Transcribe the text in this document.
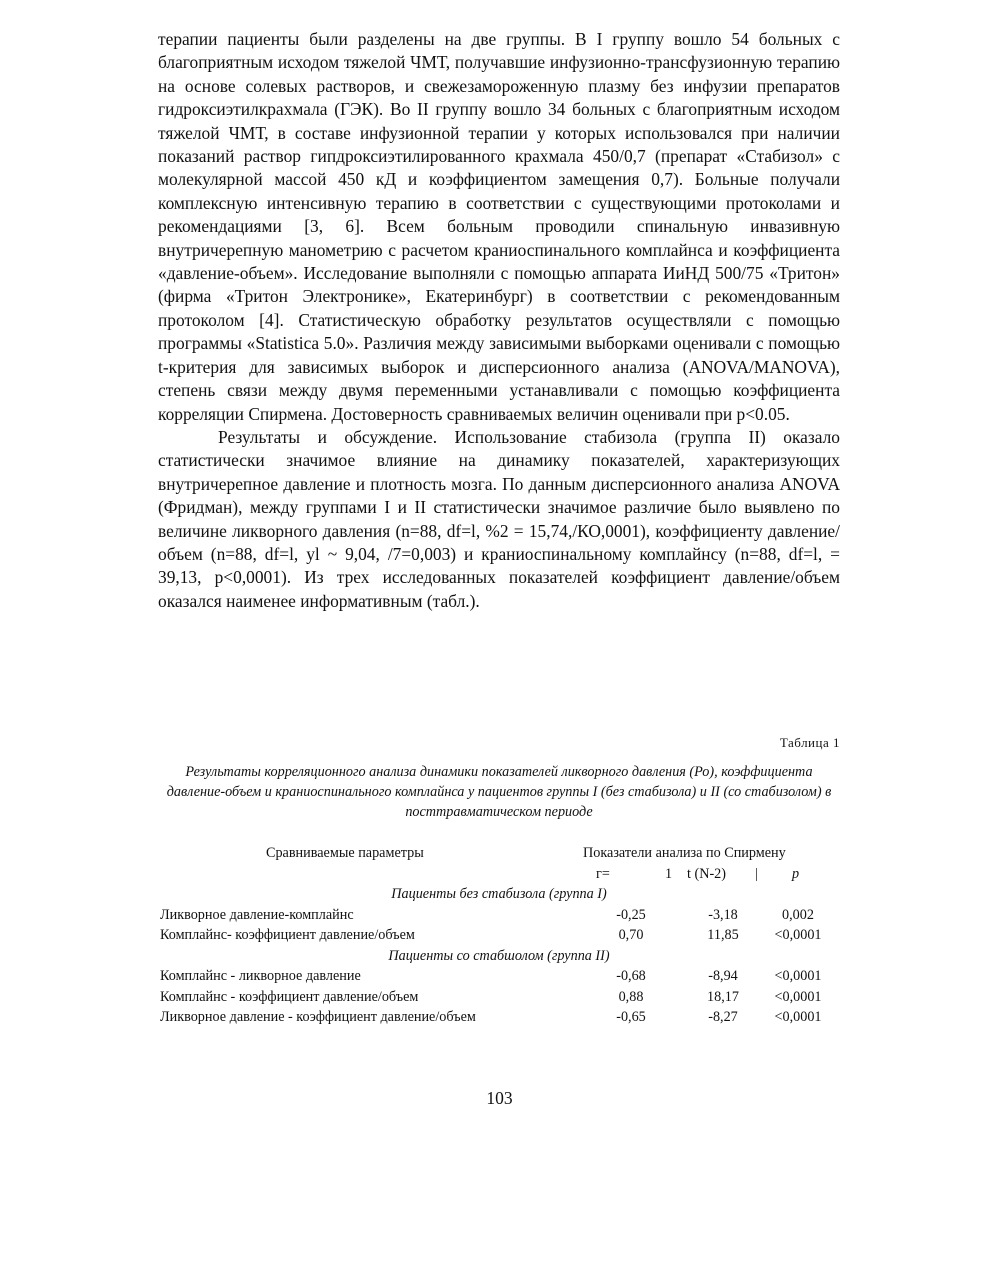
терапии пациенты были разделены на две группы. В I группу вошло 54 больных с благоприятным исходом тяжелой ЧМТ, получавшие инфузионно-трансфузионную терапию на основе солевых растворов, и свежезамороженную плазму без инфузии препаратов гидроксиэтилкрахмала (ГЭК). Во II группу вошло 34 больных с благоприятным исходом тяжелой ЧМТ, в составе инфузионной терапии у которых использовался при наличии показаний раствор гипдроксиэтилированного крахмала 450/0,7 (препарат «Стабизол» с молекулярной массой 450 кД и коэффициентом замещения 0,7). Больные получали комплексную интенсивную терапию в соответствии с существующими протоколами и рекомендациями [3, 6]. Всем больным проводили спинальную инвазивную внутричерепную манометрию с расчетом краниоспинального комплайнса и коэффициента «давление-объем». Исследование выполняли с помощью аппарата ИиНД 500/75 «Тритон» (фирма «Тритон Электронике», Екатеринбург) в соответствии с рекомендованным протоколом [4]. Статистическую обработку результатов осуществляли с помощью программы «Statistica 5.0». Различия между зависимыми выборками оценивали с помощью t-критерия для зависимых выборок и дисперсионного анализа (ANOVA/MANOVA), степень связи между двумя переменными устанавливали с помощью коэффициента корреляции Спирмена. Достоверность сравниваемых величин оценивали при р<0.05.

Результаты и обсуждение. Использование стабизола (группа II) оказало статистически значимое влияние на динамику показателей, характеризующих внутричерепное давление и плотность мозга. По данным дисперсионного анализа ANOVA (Фридман), между группами I и II статистически значимое различие было выявлено по величине ликворного давления (n=88, df=l, %2 = 15,74,/КО,0001), коэффициенту давление/объем (n=88, df=l, yl ~ 9,04, /7=0,003) и краниоспинальному комплайнсу (n=88, df=l, = 39,13, р<0,0001). Из трех исследованных показателей коэффициент давление/объем оказался наименее информативным (табл.).

Таблица 1
Результаты корреляционного анализа динамики показателей ликворного давления (Ро), коэффициента давление-объем и краниоспинального комплайнса у пациентов группы I (без стабизола) и II (со стабизолом) в посттравматическом периоде
Сравниваемые параметры	Показатели анализа по Спирмену
г=	1 t (N-2) | p
Пациенты без стабизола (группа I)
Ликворное давление-комплайнс	-0,25	-3,18	0,002
Комплайнс- коэффициент давление/объем	0,70	11,85	<0,0001
Пациенты со стабшолом (группа II)
Комплайнс - ликворное давление	-0,68	-8,94	<0,0001
Комплайнс - коэффициент давление/объем	0,88	18,17	<0,0001
Ликворное давление - коэффициент давление/объем	-0,65	-8,27	<0,0001
103
